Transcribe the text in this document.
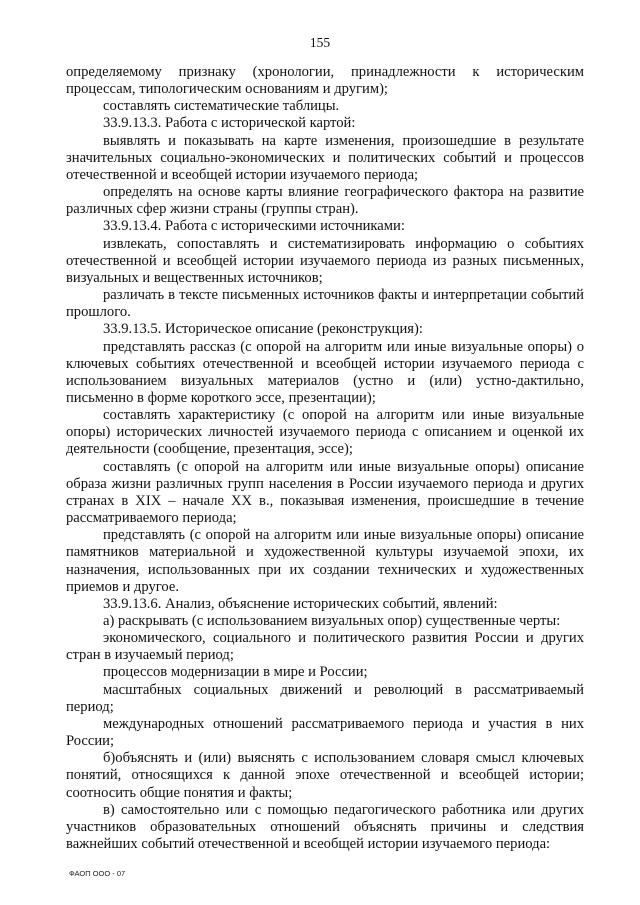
155

определяемому признаку (хронологии, принадлежности к историческим процессам, типологическим основаниям и другим);

составлять систематические таблицы.

33.9.13.3. Работа с исторической картой:

выявлять и показывать на карте изменения, произошедшие в результате значительных социально-экономических и политических событий и процессов отечественной и всеобщей истории изучаемого периода;

определять на основе карты влияние географического фактора на развитие различных сфер жизни страны (группы стран).

33.9.13.4. Работа с историческими источниками:

извлекать, сопоставлять и систематизировать информацию о событиях отечественной и всеобщей истории изучаемого периода из разных письменных, визуальных и вещественных источников;

различать в тексте письменных источников факты и интерпретации событий прошлого.

33.9.13.5. Историческое описание (реконструкция):

представлять рассказ (с опорой на алгоритм или иные визуальные опоры) о ключевых событиях отечественной и всеобщей истории изучаемого периода с использованием визуальных материалов (устно и (или) устно-дактильно, письменно в форме короткого эссе, презентации);

составлять характеристику (с опорой на алгоритм или иные визуальные опоры) исторических личностей изучаемого периода с описанием и оценкой их деятельности (сообщение, презентация, эссе);

составлять (с опорой на алгоритм или иные визуальные опоры) описание образа жизни различных групп населения в России изучаемого периода и других странах в XIX – начале XX в., показывая изменения, происшедшие в течение рассматриваемого периода;

представлять (с опорой на алгоритм или иные визуальные опоры) описание памятников материальной и художественной культуры изучаемой эпохи, их назначения, использованных при их создании технических и художественных приемов и другое.

33.9.13.6. Анализ, объяснение исторических событий, явлений:

а) раскрывать (с использованием визуальных опор) существенные черты:

экономического, социального и политического развития России и других стран в изучаемый период;

процессов модернизации в мире и России;

масштабных социальных движений и революций в рассматриваемый период;

международных отношений рассматриваемого периода и участия в них России;

б)объяснять и (или) выяснять с использованием словаря смысл ключевых понятий, относящихся к данной эпохе отечественной и всеобщей истории; соотносить общие понятия и факты;

в) самостоятельно или с помощью педагогического работника или других участников образовательных отношений объяснять причины и следствия важнейших событий отечественной и всеобщей истории изучаемого периода:

ФАОП ООО - 07
